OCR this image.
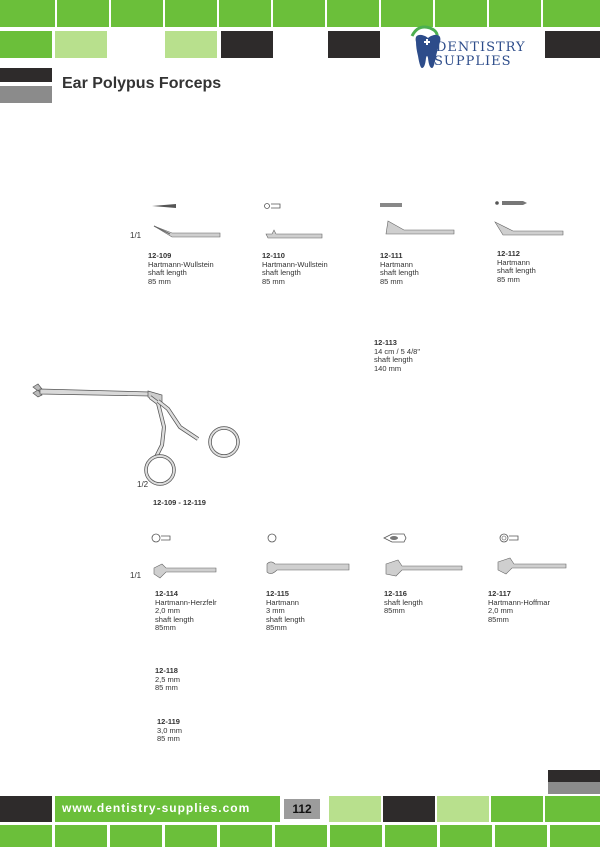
DENTISTRY
SUPPLIES
Ear Polypus Forceps
1/1
12-109
Hartmann-Wullstein
shaft length
85 mm
12-110
Hartmann-Wullstein
shaft length
85 mm
12-111
Hartmann
shaft length
85 mm
12-112
Hartmann
shaft length
85 mm
12-113
14 cm / 5 4/8"
shaft length
140 mm
1/2
12-109 - 12-119
1/1
12-114
Hartmann-Herzfelr
2,0 mm
shaft length
85mm
12-115
Hartmann
3 mm
shaft length
85mm
12-116
shaft length
85mm
12-117
Hartmann-Hoffmar
2,0 mm
85mm
12-118
2,5 mm
85 mm
12-119
3,0 mm
85 mm
www.dentistry-supplies.com	112
